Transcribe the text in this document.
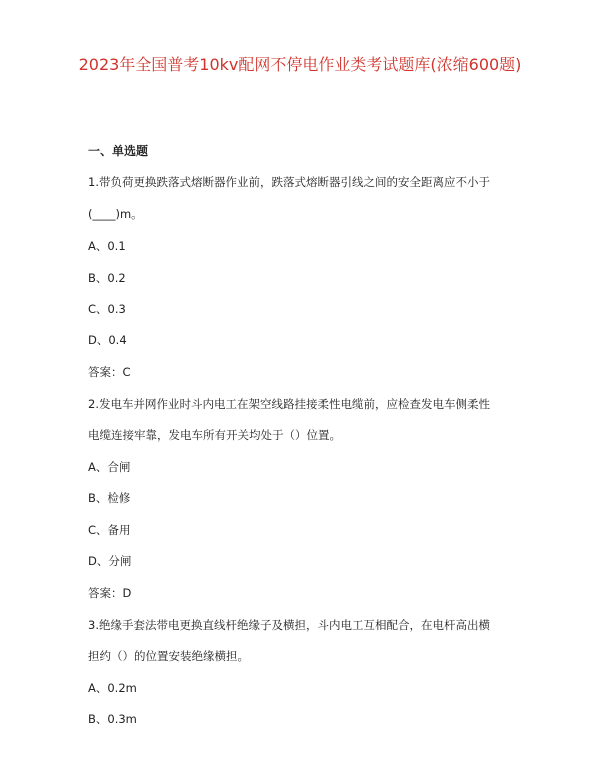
2023年全国普考10kv配网不停电作业类考试题库(浓缩600题)
一、单选题
1.带负荷更换跌落式熔断器作业前，跌落式熔断器引线之间的安全距离应不小于
(____)m。
A、0.1
B、0.2
C、0.3
D、0.4
答案：C
2.发电车并网作业时斗内电工在架空线路挂接柔性电缆前，应检查发电车侧柔性
电缆连接牢靠，发电车所有开关均处于（）位置。
A、合闸
B、检修
C、备用
D、分闸
答案：D
3.绝缘手套法带电更换直线杆绝缘子及横担，斗内电工互相配合，在电杆高出横
担约（）的位置安装绝缘横担。
A、0.2m
B、0.3m
